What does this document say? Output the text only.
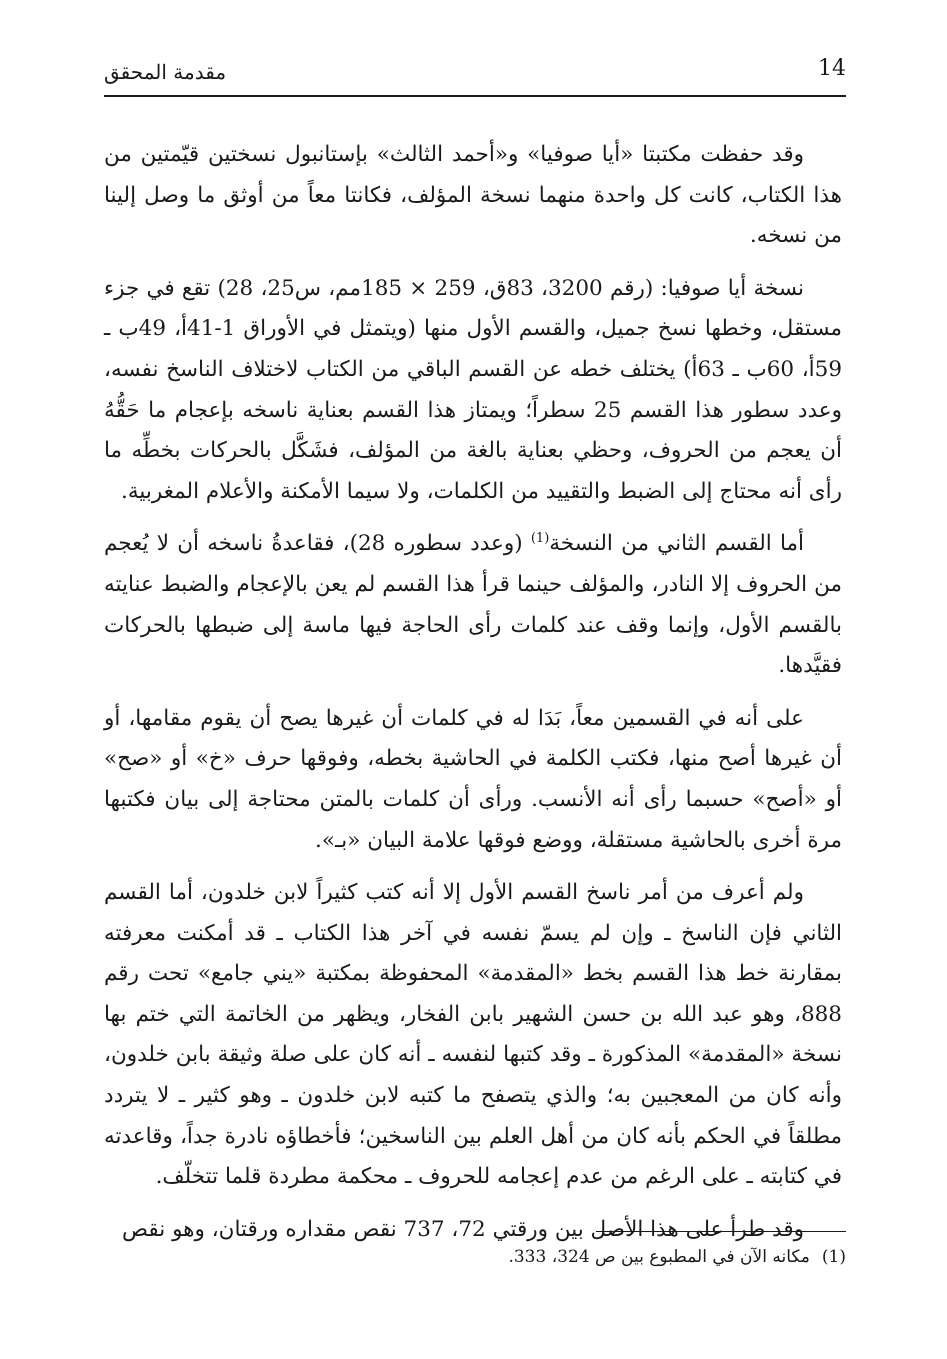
14
مقدمة المحقق

وقد حفظت مكتبتا «أيا صوفيا» و«أحمد الثالث» بإستانبول نسختين قيّمتين من هذا الكتاب، كانت كل واحدة منهما نسخة المؤلف، فكانتا معاً من أوثق ما وصل إلينا من نسخه.

نسخة أيا صوفيا: (رقم 3200، 83ق، 259 × 185مم، س25، 28) تقع في جزء مستقل، وخطها نسخ جميل، والقسم الأول منها (ويتمثل في الأوراق 1-41أ، 49ب ـ 59أ، 60ب ـ 63أ) يختلف خطه عن القسم الباقي من الكتاب لاختلاف الناسخ نفسه، وعدد سطور هذا القسم 25 سطراً؛ ويمتاز هذا القسم بعناية ناسخه بإعجام ما حَقُّهُ أن يعجم من الحروف، وحظي بعناية بالغة من المؤلف، فشَكَّل بالحركات بخطِّه ما رأى أنه محتاج إلى الضبط والتقييد من الكلمات، ولا سيما الأمكنة والأعلام المغربية.

أما القسم الثاني من النسخة$^{(1)}$ (وعدد سطوره 28)، فقاعدةُ ناسخه أن لا يُعجم من الحروف إلا النادر، والمؤلف حينما قرأ هذا القسم لم يعن بالإعجام والضبط عنايته بالقسم الأول، وإنما وقف عند كلمات رأى الحاجة فيها ماسة إلى ضبطها بالحركات فقيَّدها.

على أنه في القسمين معاً، بَدَا له في كلمات أن غيرها يصح أن يقوم مقامها، أو أن غيرها أصح منها، فكتب الكلمة في الحاشية بخطه، وفوقها حرف «خ» أو «صح» أو «أصح» حسبما رأى أنه الأنسب. ورأى أن كلمات بالمتن محتاجة إلى بيان فكتبها مرة أخرى بالحاشية مستقلة، ووضع فوقها علامة البيان «بـ».

ولم أعرف من أمر ناسخ القسم الأول إلا أنه كتب كثيراً لابن خلدون، أما القسم الثاني فإن الناسخ ـ وإن لم يسمّ نفسه في آخر هذا الكتاب ـ قد أمكنت معرفته بمقارنة خط هذا القسم بخط «المقدمة» المحفوظة بمكتبة «يني جامع» تحت رقم 888، وهو عبد الله بن حسن الشهير بابن الفخار، ويظهر من الخاتمة التي ختم بها نسخة «المقدمة» المذكورة ـ وقد كتبها لنفسه ـ أنه كان على صلة وثيقة بابن خلدون، وأنه كان من المعجبين به؛ والذي يتصفح ما كتبه لابن خلدون ـ وهو كثير ـ لا يتردد مطلقاً في الحكم بأنه كان من أهل العلم بين الناسخين؛ فأخطاؤه نادرة جداً، وقاعدته في كتابته ـ على الرغم من عدم إعجامه للحروف ـ محكمة مطردة قلما تتخلّف.

وقد طرأ على هذا الأصل بين ورقتي 72، 737 نقص مقداره ورقتان، وهو نقص

(1)مكانه الآن في المطبوع بين ص 324، 333.
